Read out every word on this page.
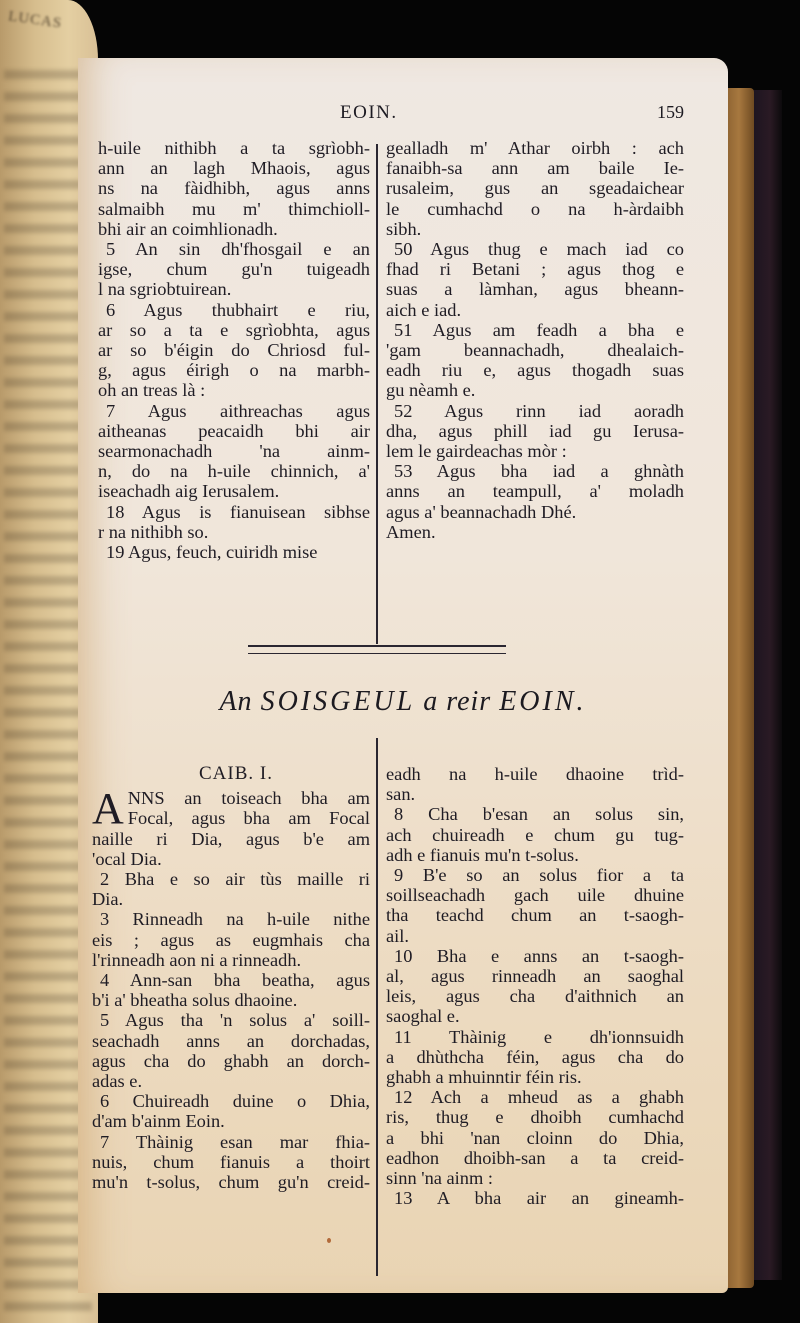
LUCAS
EOIN.	159
h-uile nithibh a ta sgrìobh-
ann an lagh Mhaois, agus
ns na fàidhibh, agus anns
salmaibh mu m' thimchioll-
bhi air an coimhlionadh.
5 An sin dh'fhosgail e an
igse, chum gu'n tuigeadh
l na sgriobtuirean.
6 Agus thubhairt e riu,
ar so a ta e sgrìobhta, agus
ar so b'éigin do Chriosd ful-
g, agus éirigh o na marbh-
oh an treas là :
7 Agus aithreachas agus
aitheanas peacaidh bhi air
searmonachadh 'na ainm-
n, do na h-uile chinnich, a'
iseachadh aig Ierusalem.
18 Agus is fianuisean sibhse
r na nithibh so.
19 Agus, feuch, cuiridh mise
gealladh m' Athar oirbh : ach
fanaibh-sa ann am baile Ie-
rusaleim, gus an sgeadaichear
le cumhachd o na h-àrdaibh
sibh.
50 Agus thug e mach iad co
fhad ri Betani ; agus thog e
suas a làmhan, agus bheann-
aich e iad.
51 Agus am feadh a bha e
'gam beannachadh, dhealaich-
eadh riu e, agus thogadh suas
gu nèamh e.
52 Agus rinn iad aoradh
dha, agus phill iad gu Ierusa-
lem le gairdeachas mòr :
53 Agus bha iad a ghnàth
anns an teampull, a' moladh
agus a' beannachadh Dhé.
Amen.
An SOISGEUL a reir EOIN.
CAIB. I.
A NNS an toiseach bha am
Focal, agus bha am Focal
naille ri Dia, agus b'e am
'ocal Dia.
2 Bha e so air tùs maille ri
Dia.
3 Rinneadh na h-uile nithe
eis ; agus as eugmhais cha
l'rinneadh aon ni a rinneadh.
4 Ann-san bha beatha, agus
b'i a' bheatha solus dhaoine.
5 Agus tha 'n solus a' soill-
seachadh anns an dorchadas,
agus cha do ghabh an dorch-
adas e.
6 Chuireadh duine o Dhia,
d'am b'ainm Eoin.
7 Thàinig esan mar fhia-
nuis, chum fianuis a thoirt
mu'n t-solus, chum gu'n creid-
eadh na h-uile dhaoine trìd-
san.
8 Cha b'esan an solus sin,
ach chuireadh e chum gu tug-
adh e fianuis mu'n t-solus.
9 B'e so an solus fior a ta
soillseachadh gach uile dhuine
tha teachd chum an t-saogh-
ail.
10 Bha e anns an t-saogh-
al, agus rinneadh an saoghal
leis, agus cha d'aithnich an
saoghal e.
11 Thàinig e dh'ionnsuidh
a dhùthcha féin, agus cha do
ghabh a mhuinntir féin ris.
12 Ach a mheud as a ghabh
ris, thug e dhoibh cumhachd
a bhi 'nan cloinn do Dhia,
eadhon dhoibh-san a ta creid-
sinn 'na ainm :
13 A bha air an gineamh-
